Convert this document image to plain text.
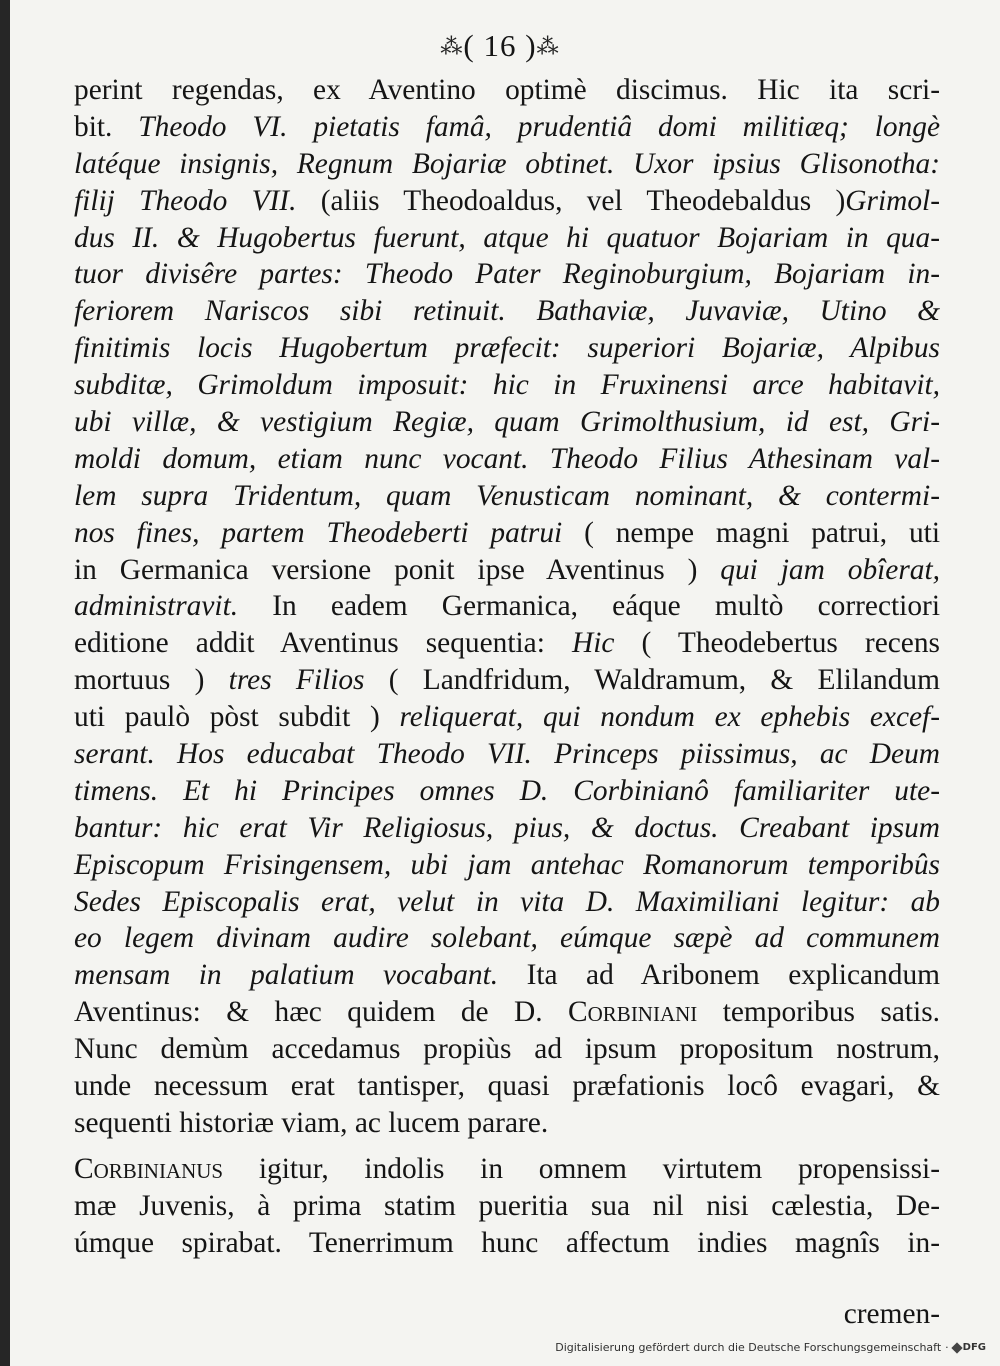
⁂( 16 )⁂
perint regendas, ex Aventino optimè discimus. Hic ita scri-
bit. Theodo VI. pietatis famâ, prudentiâ domi militiæq; longè
latéque insignis, Regnum Bojariæ obtinet. Uxor ipsius Glisonotha:
filij Theodo VII. (aliis Theodoaldus, vel Theodebaldus )Grimol-
dus II. & Hugobertus fuerunt, atque hi quatuor Bojariam in qua-
tuor divisêre partes: Theodo Pater Reginoburgium, Bojariam in-
feriorem Nariscos sibi retinuit. Bathaviæ, Juvaviæ, Utino &
finitimis locis Hugobertum præfecit: superiori Bojariæ, Alpibus
subditæ, Grimoldum imposuit: hic in Fruxinensi arce habitavit,
ubi villæ, & vestigium Regiæ, quam Grimolthusium, id est, Gri-
moldi domum, etiam nunc vocant. Theodo Filius Athesinam val-
lem supra Tridentum, quam Venusticam nominant, & contermi-
nos fines, partem Theodeberti patrui ( nempe magni patrui, uti
in Germanica versione ponit ipse Aventinus ) qui jam obîerat,
administravit. In eadem Germanica, eáque multò correctiori
editione addit Aventinus sequentia: Hic ( Theodebertus recens
mortuus ) tres Filios ( Landfridum, Waldramum, & Elilandum
uti paulò pòst subdit ) reliquerat, qui nondum ex ephebis excef-
serant. Hos educabat Theodo VII. Princeps piissimus, ac Deum
timens. Et hi Principes omnes D. Corbinianô familiariter ute-
bantur: hic erat Vir Religiosus, pius, & doctus. Creabant ipsum
Episcopum Frisingensem, ubi jam antehac Romanorum temporibûs
Sedes Episcopalis erat, velut in vita D. Maximiliani legitur: ab
eo legem divinam audire solebant, eúmque sæpè ad communem
mensam in palatium vocabant. Ita ad Aribonem explicandum
Aventinus: & hæc quidem de D. Corbiniani temporibus satis.
Nunc demùm accedamus propiùs ad ipsum propositum nostrum,
unde necessum erat tantisper, quasi præfationis locô evagari, &
sequenti historiæ viam, ac lucem parare.
Corbinianus igitur, indolis in omnem virtutem propensissi-
mæ Juvenis, à prima statim pueritia sua nil nisi cælestia, De-
úmque spirabat. Tenerrimum hunc affectum indies magnîs in-
cremen-
Digitalisierung gefördert durch die Deutsche Forschungsgemeinschaft · DFG
